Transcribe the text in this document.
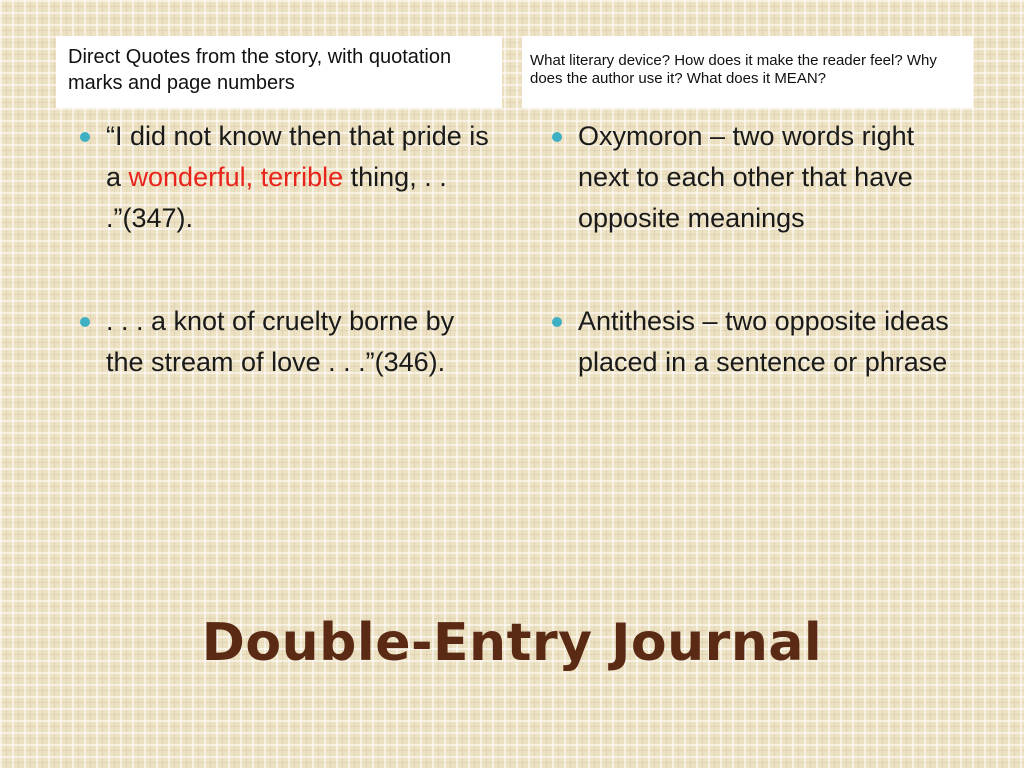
Direct Quotes from the story, with quotation marks and page numbers
What literary device? How does it make the reader feel? Why does the author use it? What does it MEAN?
“I did not know then that pride is a wonderful, terrible thing, . . .”(347).
. . . a knot of cruelty borne by the stream of love . . .”(346).
Oxymoron – two words right next to each other that have opposite meanings
Antithesis – two opposite ideas placed in a sentence or phrase
Double-Entry Journal
